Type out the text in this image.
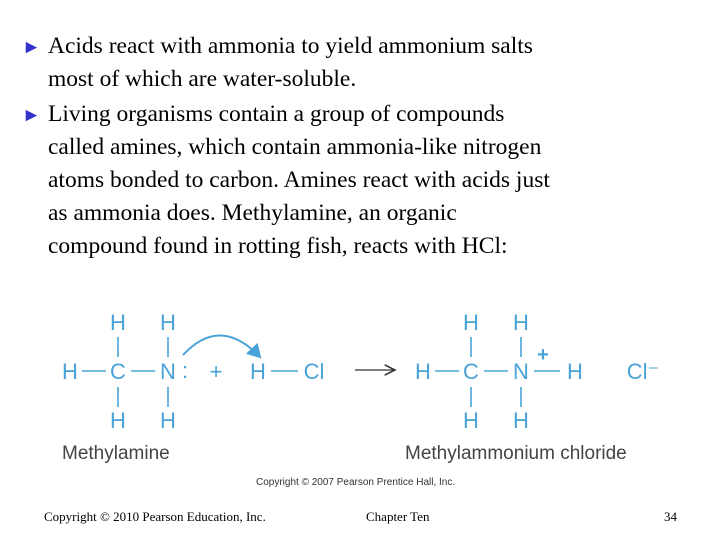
► Acids react with ammonia to yield ammonium salts
most of which are water-soluble.
► Living organisms contain a group of compounds
called amines, which contain ammonia-like nitrogen
atoms bonded to carbon. Amines react with acids just
as ammonia does. Methylamine, an organic
compound found in rotting fish, reacts with HCl:
H H
H C N :
H H
+ H Cl
H H
H C N
+
H
H H
Cl⁻
Methylamine	Methylammonium chloride
Copyright © 2007 Pearson Prentice Hall, Inc.
Copyright © 2010 Pearson Education, Inc.	Chapter Ten	34
